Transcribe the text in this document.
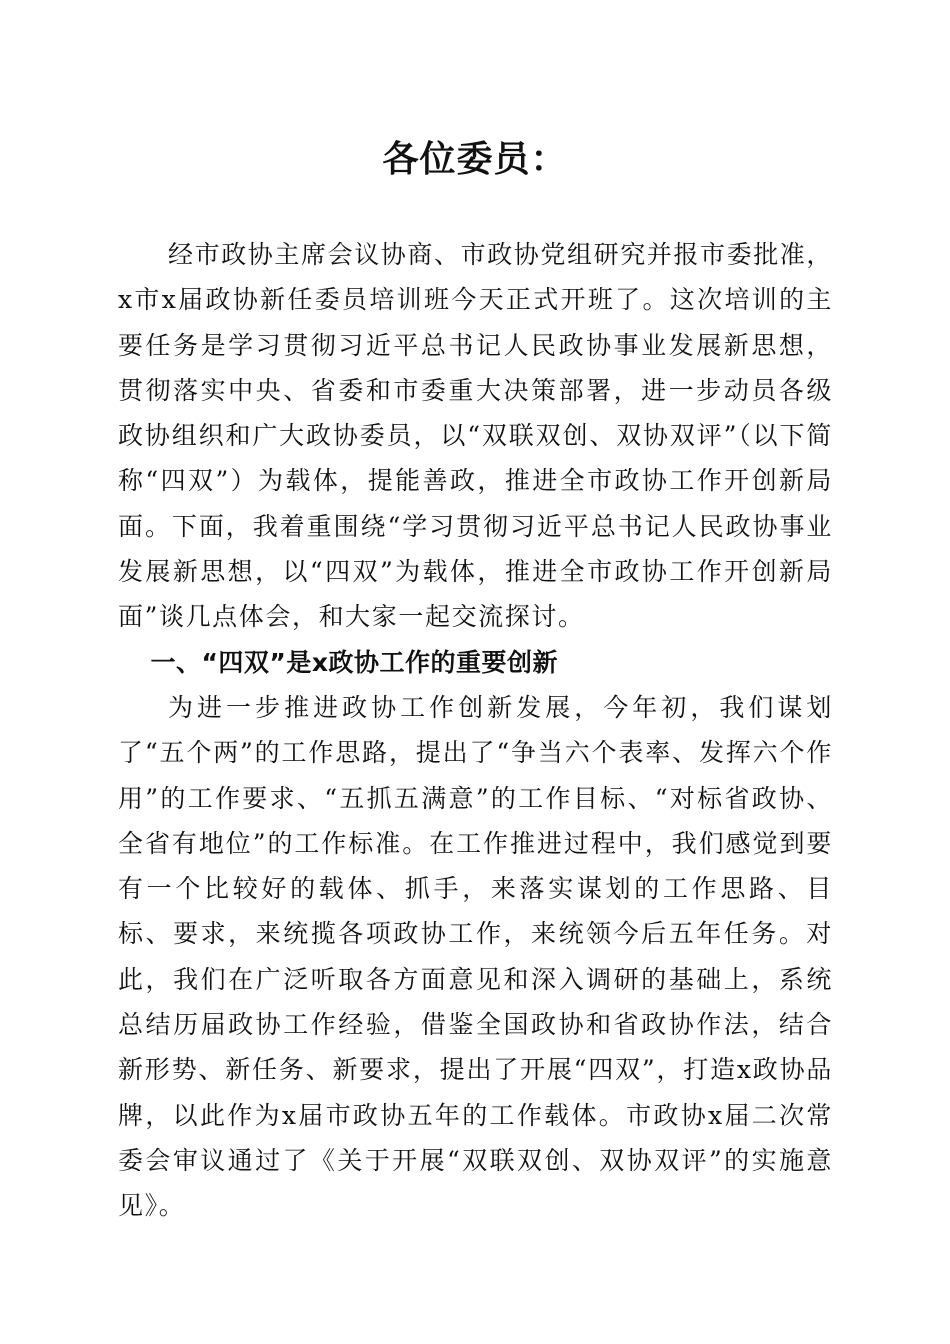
各位委员：

经市政协主席会议协商、市政协党组研究并报市委批准，x市x届政协新任委员培训班今天正式开班了。这次培训的主要任务是学习贯彻习近平总书记人民政协事业发展新思想，贯彻落实中央、省委和市委重大决策部署，进一步动员各级政协组织和广大政协委员，以“双联双创、双协双评”（以下简称“四双”）为载体，提能善政，推进全市政协工作开创新局面。下面，我着重围绕“学习贯彻习近平总书记人民政协事业发展新思想，以“四双”为载体，推进全市政协工作开创新局面”谈几点体会，和大家一起交流探讨。

一、“四双”是x政协工作的重要创新

为进一步推进政协工作创新发展，今年初，我们谋划了“五个两”的工作思路，提出了“争当六个表率、发挥六个作用”的工作要求、“五抓五满意”的工作目标、“对标省政协、全省有地位”的工作标准。在工作推进过程中，我们感觉到要有一个比较好的载体、抓手，来落实谋划的工作思路、目标、要求，来统揽各项政协工作，来统领今后五年任务。对此，我们在广泛听取各方面意见和深入调研的基础上，系统总结历届政协工作经验，借鉴全国政协和省政协作法，结合新形势、新任务、新要求，提出了开展“四双”，打造x政协品牌，以此作为x届市政协五年的工作载体。市政协x届二次常委会审议通过了《关于开展“双联双创、双协双评”的实施意见》。
